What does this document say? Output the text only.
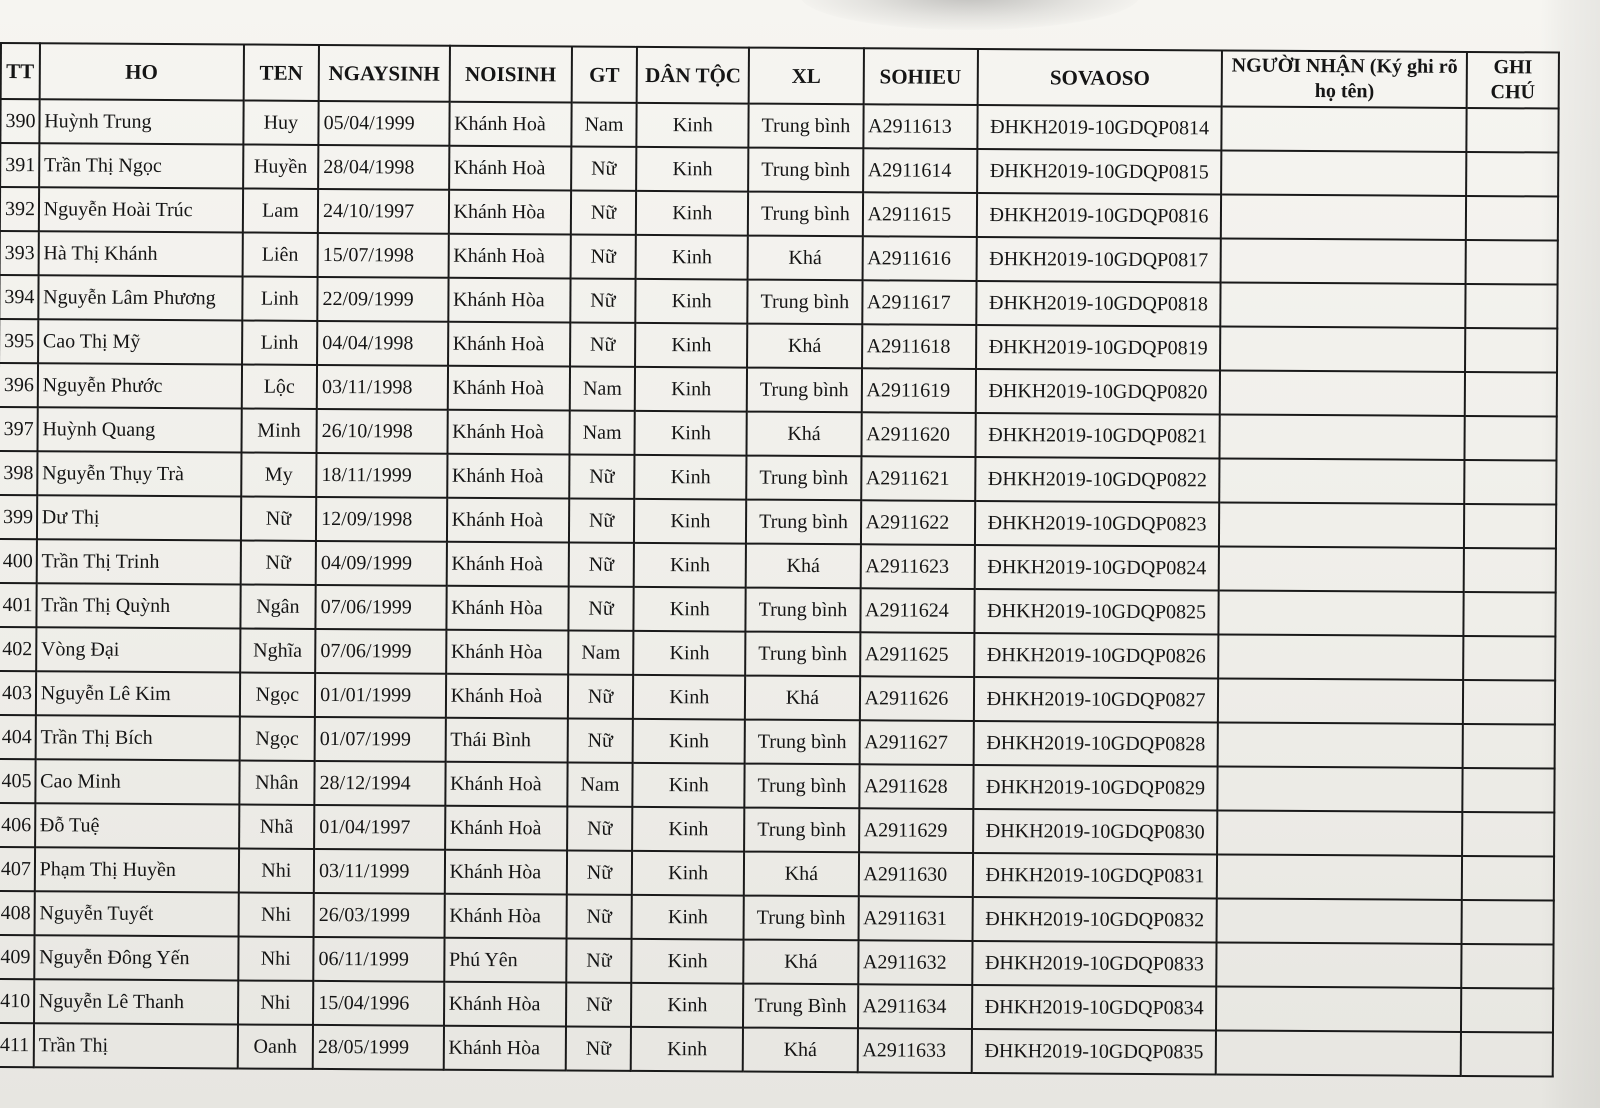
TT	HO	TEN	NGAYSINH	NOISINH	GT	DÂN TỘC	XL	SOHIEU	SOVAOSO	NGƯỜI NHẬN (Ký ghi rõ họ tên)	GHI CHÚ
390	Huỳnh Trung	Huy	05/04/1999	Khánh Hoà	Nam	Kinh	Trung bình	A2911613	ĐHKH2019-10GDQP0814		
391	Trần Thị Ngọc	Huyền	28/04/1998	Khánh Hoà	Nữ	Kinh	Trung bình	A2911614	ĐHKH2019-10GDQP0815		
392	Nguyễn Hoài Trúc	Lam	24/10/1997	Khánh Hòa	Nữ	Kinh	Trung bình	A2911615	ĐHKH2019-10GDQP0816		
393	Hà Thị Khánh	Liên	15/07/1998	Khánh Hoà	Nữ	Kinh	Khá	A2911616	ĐHKH2019-10GDQP0817		
394	Nguyễn Lâm Phương	Linh	22/09/1999	Khánh Hòa	Nữ	Kinh	Trung bình	A2911617	ĐHKH2019-10GDQP0818		
395	Cao Thị Mỹ	Linh	04/04/1998	Khánh Hoà	Nữ	Kinh	Khá	A2911618	ĐHKH2019-10GDQP0819		
396	Nguyễn Phước	Lộc	03/11/1998	Khánh Hoà	Nam	Kinh	Trung bình	A2911619	ĐHKH2019-10GDQP0820		
397	Huỳnh Quang	Minh	26/10/1998	Khánh Hoà	Nam	Kinh	Khá	A2911620	ĐHKH2019-10GDQP0821		
398	Nguyễn Thụy Trà	My	18/11/1999	Khánh Hoà	Nữ	Kinh	Trung bình	A2911621	ĐHKH2019-10GDQP0822		
399	Dư Thị	Nữ	12/09/1998	Khánh Hoà	Nữ	Kinh	Trung bình	A2911622	ĐHKH2019-10GDQP0823		
400	Trần Thị Trinh	Nữ	04/09/1999	Khánh Hoà	Nữ	Kinh	Khá	A2911623	ĐHKH2019-10GDQP0824		
401	Trần Thị Quỳnh	Ngân	07/06/1999	Khánh Hòa	Nữ	Kinh	Trung bình	A2911624	ĐHKH2019-10GDQP0825		
402	Vòng Đại	Nghĩa	07/06/1999	Khánh Hòa	Nam	Kinh	Trung bình	A2911625	ĐHKH2019-10GDQP0826		
403	Nguyễn Lê Kim	Ngọc	01/01/1999	Khánh Hoà	Nữ	Kinh	Khá	A2911626	ĐHKH2019-10GDQP0827		
404	Trần Thị Bích	Ngọc	01/07/1999	Thái Bình	Nữ	Kinh	Trung bình	A2911627	ĐHKH2019-10GDQP0828		
405	Cao Minh	Nhân	28/12/1994	Khánh Hoà	Nam	Kinh	Trung bình	A2911628	ĐHKH2019-10GDQP0829		
406	Đỗ Tuệ	Nhã	01/04/1997	Khánh Hoà	Nữ	Kinh	Trung bình	A2911629	ĐHKH2019-10GDQP0830		
407	Phạm Thị Huyền	Nhi	03/11/1999	Khánh Hòa	Nữ	Kinh	Khá	A2911630	ĐHKH2019-10GDQP0831		
408	Nguyễn Tuyết	Nhi	26/03/1999	Khánh Hòa	Nữ	Kinh	Trung bình	A2911631	ĐHKH2019-10GDQP0832		
409	Nguyễn Đông Yến	Nhi	06/11/1999	Phú Yên	Nữ	Kinh	Khá	A2911632	ĐHKH2019-10GDQP0833		
410	Nguyễn Lê Thanh	Nhi	15/04/1996	Khánh Hòa	Nữ	Kinh	Trung Bình	A2911634	ĐHKH2019-10GDQP0834		
411	Trần Thị	Oanh	28/05/1999	Khánh Hòa	Nữ	Kinh	Khá	A2911633	ĐHKH2019-10GDQP0835		
